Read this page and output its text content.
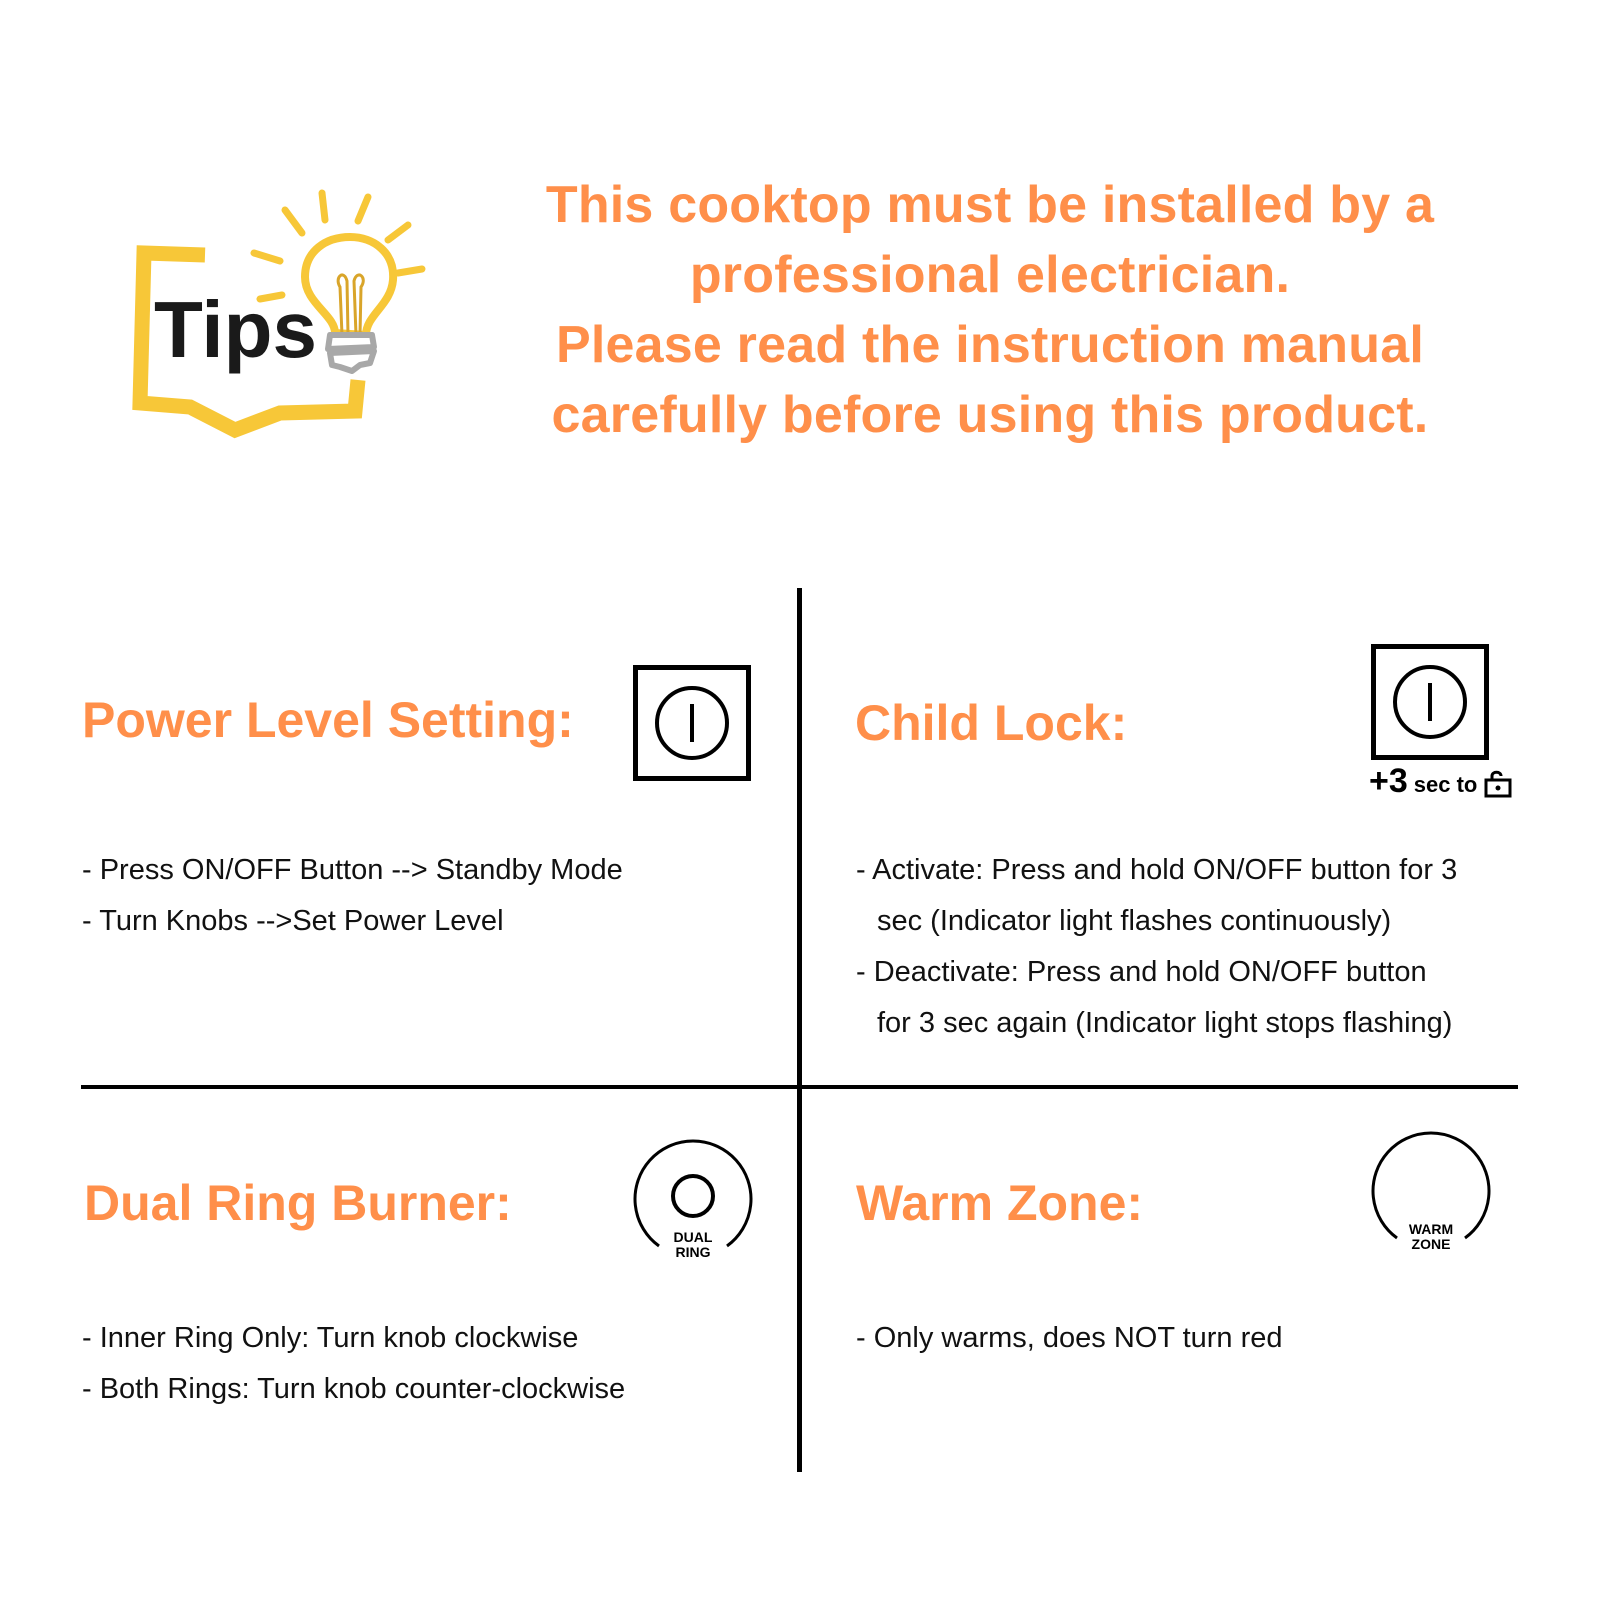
Tips
This cooktop must be installed by a
professional electrician.
Please read the instruction manual
carefully before using this product.
Power Level Setting:
- Press ON/OFF Button --> Standby Mode
- Turn Knobs -->Set Power Level
Child Lock:
+3 sec to
- Activate: Press and hold ON/OFF button for 3
sec (Indicator light flashes continuously)
- Deactivate: Press and hold ON/OFF button
for 3 sec again (Indicator light stops flashing)
Dual Ring Burner:
DUAL
RING
- Inner Ring Only: Turn knob clockwise
- Both Rings: Turn knob counter-clockwise
Warm Zone:	WARM
ZONE
- Only warms, does NOT turn red
